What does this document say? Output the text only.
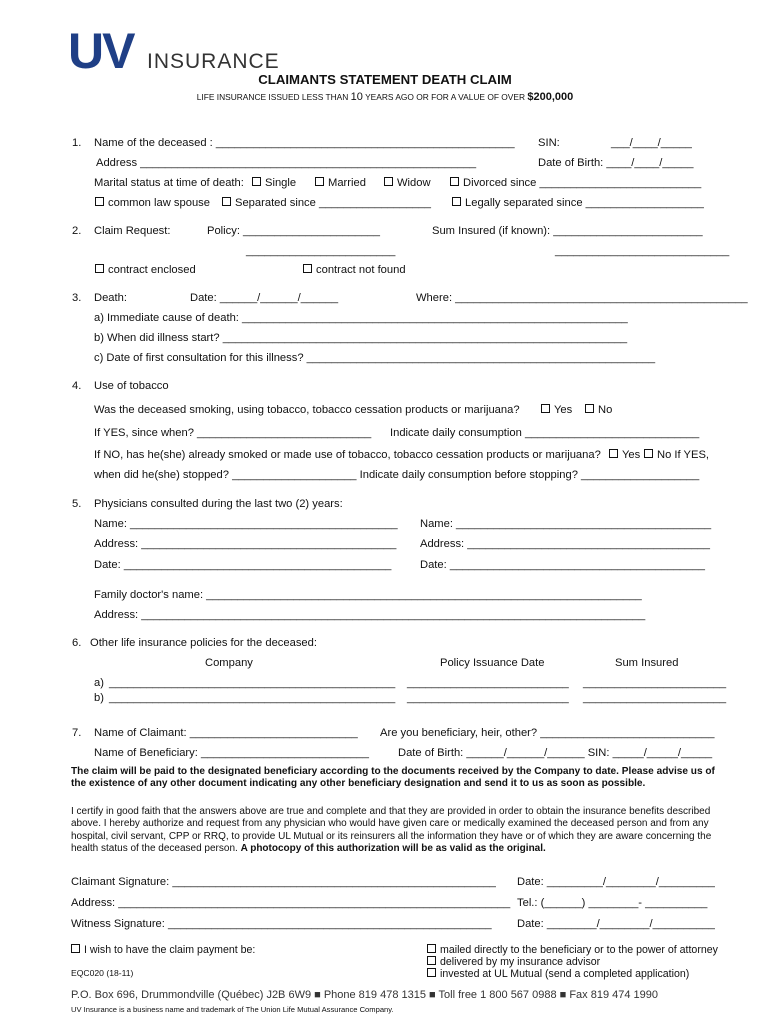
UV INSURANCE
CLAIMANTS STATEMENT DEATH CLAIM
LIFE INSURANCE ISSUED LESS THAN 10 YEARS AGO OR FOR A VALUE OF OVER $200,000
1. Name of the deceased : ________________________________________________ SIN:	___/____/_____
Address ______________________________________________________	Date of Birth: ____/____/_____
Marital status at time of death:	Single	Married	Widow	Divorced since __________________________
common law spouse	Separated since __________________	Legally separated since ___________________
2. Claim Request:	Policy: ______________________
________________________
Sum Insured (if known): ________________________
____________________________
contract enclosed	contract not found
3. Death:	Date: ______/______/______	Where: _______________________________________________
a) Immediate cause of death: ______________________________________________________________
b) When did illness start? _________________________________________________________________
c) Date of first consultation for this illness? ________________________________________________________
4. Use of tobacco
Was the deceased smoking, using tobacco, tobacco cessation products or marijuana?	Yes	No
If YES, since when? ____________________________ Indicate daily consumption ____________________________
If NO, has he(she) already smoked or made use of tobacco, tobacco cessation products or marijuana?	Yes	No If YES,
when did he(she) stopped? ____________________ Indicate daily consumption before stopping? ___________________
5. Physicians consulted during the last two (2) years:
Name: ___________________________________________ Name: _________________________________________
Address: _________________________________________ Address: _______________________________________
Date: ___________________________________________	Date: _________________________________________
Family doctor's name: ______________________________________________________________________
Address: _________________________________________________________________________________
6. Other life insurance policies for the deceased:
Company	Policy Issuance Date	Sum Insured
a) ______________________________________________ __________________________ _______________________
b) ______________________________________________ __________________________ _______________________
7. Name of Claimant: ___________________________ Are you beneficiary, heir, other? ____________________________
Name of Beneficiary: ___________________________	Date of Birth: ______/______/______ SIN: _____/_____/_____
The claim will be paid to the designated beneficiary according to the documents received by the Company to date. Please advise us of the existence of any other document indicating any other beneficiary designation and send it to us as soon as possible.
I certify in good faith that the answers above are true and complete and that they are provided in order to obtain the insurance benefits described above. I hereby authorize and request from any physician who would have given care or medically examined the deceased person and from any hospital, civil servant, CPP or RRQ, to provide UL Mutual or its reinsurers all the information they have or of which they are aware concerning the health status of the deceased person. A photocopy of this authorization will be as valid as the original.
Claimant Signature: ____________________________________________________ Date: _________/________/_________
Address: _______________________________________________________________ Tel.: (______) ________- __________
Witness Signature: ____________________________________________________ Date: ________/________/__________
I wish to have the claim payment be:	mailed directly to the beneficiary or to the power of attorney
delivered by my insurance advisor
invested at UL Mutual (send a completed application)
EQC020 (18-11)
P.O. Box 696, Drummondville (Québec) J2B 6W9 ■ Phone 819 478 1315 ■ Toll free 1 800 567 0988 ■ Fax 819 474 1990
UV Insurance is a business name and trademark of The Union Life Mutual Assurance Company.
